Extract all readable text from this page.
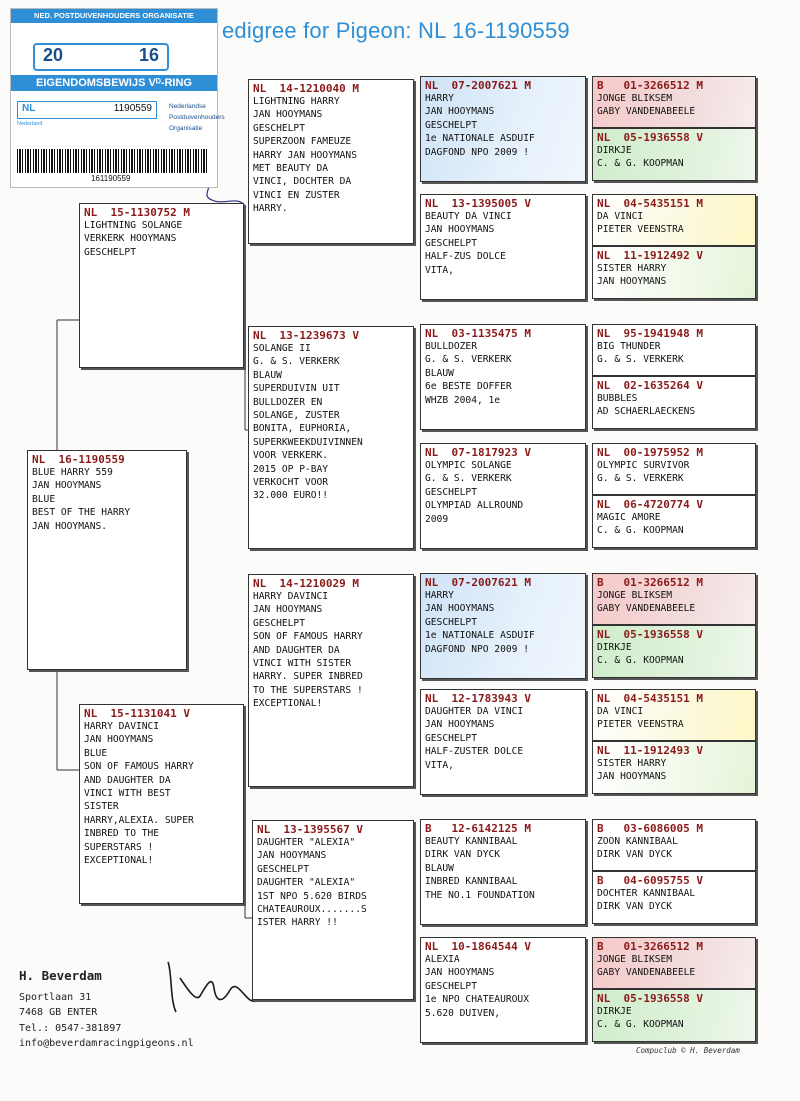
NED. POSTDUIVENHOUDERS ORGANISATIE
20	16
EIGENDOMSBEWIJS Vᴰ-RING
NL	1190559	Nederlandse
Postduivenhouders
Organisatie
Nederland
161190559
edigree for Pigeon: NL 16-1190559
NL  16-1190559
BLUE HARRY 559
JAN HOOYMANS
BLUE
BEST OF THE HARRY
JAN HOOYMANS.
NL  15-1130752 M
LIGHTNING SOLANGE
VERKERK HOOYMANS
GESCHELPT
NL  15-1131041 V
HARRY DAVINCI
JAN HOOYMANS
BLUE
SON OF FAMOUS HARRY
AND DAUGHTER DA
VINCI WITH BEST
SISTER
HARRY,ALEXIA. SUPER
INBRED TO THE
SUPERSTARS !
EXCEPTIONAL!
NL  14-1210040 M
LIGHTNING HARRY
JAN HOOYMANS
GESCHELPT
SUPERZOON FAMEUZE
HARRY JAN HOOYMANS
MET BEAUTY DA
VINCI, DOCHTER DA
VINCI EN ZUSTER
HARRY.
NL  13-1239673 V
SOLANGE II
G. & S. VERKERK
BLAUW
SUPERDUIVIN UIT
BULLDOZER EN
SOLANGE, ZUSTER
BONITA, EUPHORIA,
SUPERKWEEKDUIVINNEN
VOOR VERKERK.
2015 OP P-BAY
VERKOCHT VOOR
32.000 EURO!!
NL  14-1210029 M
HARRY DAVINCI
JAN HOOYMANS
GESCHELPT
SON OF FAMOUS HARRY
AND DAUGHTER DA
VINCI WITH SISTER
HARRY. SUPER INBRED
TO THE SUPERSTARS !
EXCEPTIONAL!
NL  13-1395567 V
DAUGHTER "ALEXIA"
JAN HOOYMANS
GESCHELPT
DAUGHTER "ALEXIA"
1ST NPO 5.620 BIRDS
CHATEAUROUX.......S
ISTER HARRY !!
NL  07-2007621 M
HARRY
JAN HOOYMANS
GESCHELPT
1e NATIONALE ASDUIF
DAGFOND NPO 2009 !
NL  13-1395005 V
BEAUTY DA VINCI
JAN HOOYMANS
GESCHELPT
HALF-ZUS DOLCE
VITA,
NL  03-1135475 M
BULLDOZER
G. & S. VERKERK
BLAUW
6e BESTE DOFFER
WHZB 2004, 1e
NL  07-1817923 V
OLYMPIC SOLANGE
G. & S. VERKERK
GESCHELPT
OLYMPIAD ALLROUND
2009
NL  07-2007621 M
HARRY
JAN HOOYMANS
GESCHELPT
1e NATIONALE ASDUIF
DAGFOND NPO 2009 !
NL  12-1783943 V
DAUGHTER DA VINCI
JAN HOOYMANS
GESCHELPT
HALF-ZUSTER DOLCE
VITA,
B   12-6142125 M
BEAUTY KANNIBAAL
DIRK VAN DYCK
BLAUW
INBRED KANNIBAAL
THE NO.1 FOUNDATION
NL  10-1864544 V
ALEXIA
JAN HOOYMANS
GESCHELPT
1e NPO CHATEAUROUX
5.620 DUIVEN,
B   01-3266512 M
JONGE BLIKSEM
GABY VANDENABEELE
NL  05-1936558 V
DIRKJE
C. & G. KOOPMAN
NL  04-5435151 M
DA VINCI
PIETER VEENSTRA
NL  11-1912492 V
SISTER HARRY
JAN HOOYMANS
NL  95-1941948 M
BIG THUNDER
G. & S. VERKERK
NL  02-1635264 V
BUBBLES
AD SCHAERLAECKENS
NL  00-1975952 M
OLYMPIC SURVIVOR
G. & S. VERKERK
NL  06-4720774 V
MAGIC AMORE
C. & G. KOOPMAN
B   01-3266512 M
JONGE BLIKSEM
GABY VANDENABEELE
NL  05-1936558 V
DIRKJE
C. & G. KOOPMAN
NL  04-5435151 M
DA VINCI
PIETER VEENSTRA
NL  11-1912493 V
SISTER HARRY
JAN HOOYMANS
B   03-6086005 M
ZOON KANNIBAAL
DIRK VAN DYCK
B   04-6095755 V
DOCHTER KANNIBAAL
DIRK VAN DYCK
B   01-3266512 M
JONGE BLIKSEM
GABY VANDENABEELE
NL  05-1936558 V
DIRKJE
C. & G. KOOPMAN
H. Beverdam
Sportlaan 31
7468 GB ENTER
Tel.: 0547-381897
info@beverdamracingpigeons.nl
Compuclub © H. Beverdam
